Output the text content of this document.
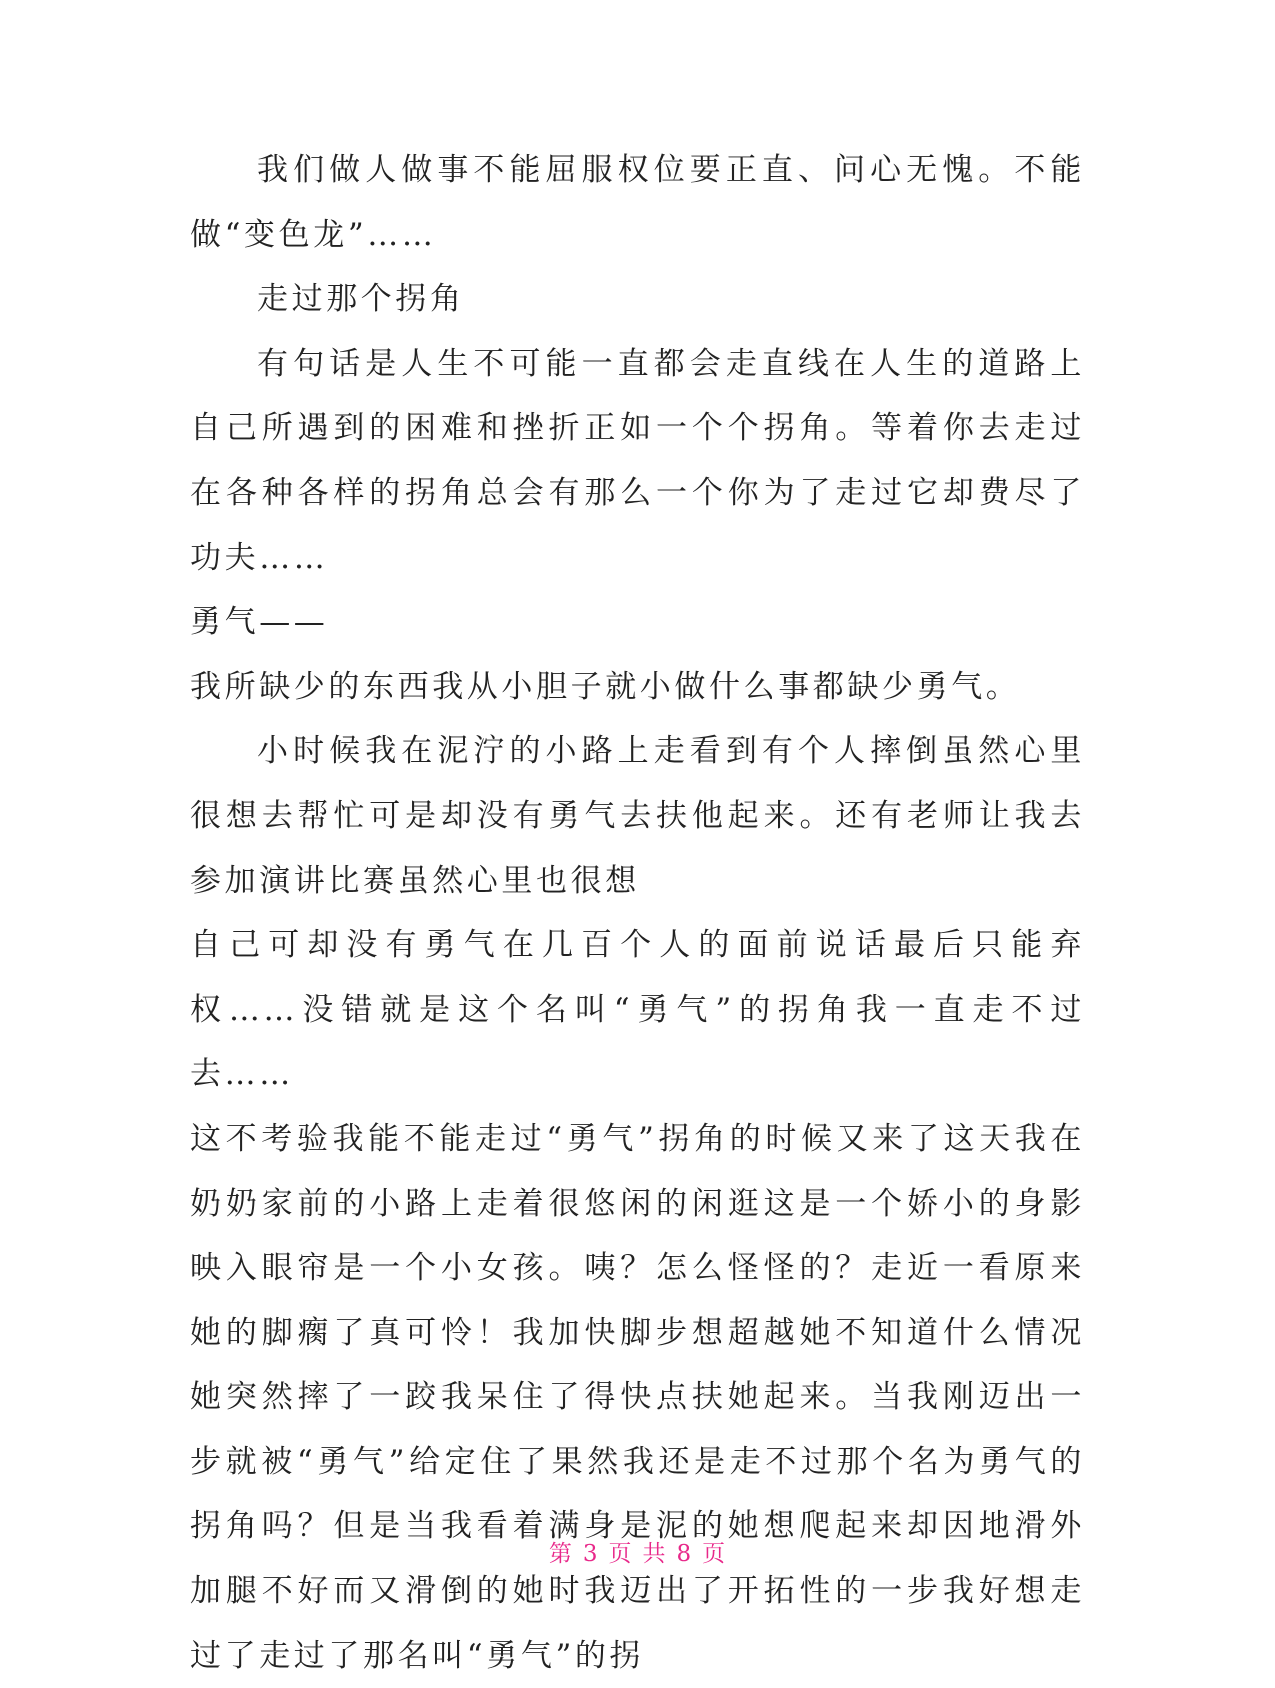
我们做人做事不能屈服权位要正直、问心无愧。不能做“变色龙”……

走过那个拐角

有句话是人生不可能一直都会走直线在人生的道路上自己所遇到的困难和挫折正如一个个拐角。等着你去走过在各种各样的拐角总会有那么一个你为了走过它却费尽了功夫……

勇气——

我所缺少的东西我从小胆子就小做什么事都缺少勇气。

小时候我在泥泞的小路上走看到有个人摔倒虽然心里很想去帮忙可是却没有勇气去扶他起来。还有老师让我去参加演讲比赛虽然心里也很想

自己可却没有勇气在几百个人的面前说话最后只能弃权……没错就是这个名叫“勇气”的拐角我一直走不过去……

这不考验我能不能走过“勇气”拐角的时候又来了这天我在奶奶家前的小路上走着很悠闲的闲逛这是一个娇小的身影映入眼帘是一个小女孩。咦？怎么怪怪的？走近一看原来她的脚瘸了真可怜！我加快脚步想超越她不知道什么情况她突然摔了一跤我呆住了得快点扶她起来。当我刚迈出一步就被“勇气”给定住了果然我还是走不过那个名为勇气的拐角吗？但是当我看着满身是泥的她想爬起来却因地滑外加腿不好而又滑倒的她时我迈出了开拓性的一步我好想走过了走过了那名叫“勇气”的拐

第 3 页 共 8 页
